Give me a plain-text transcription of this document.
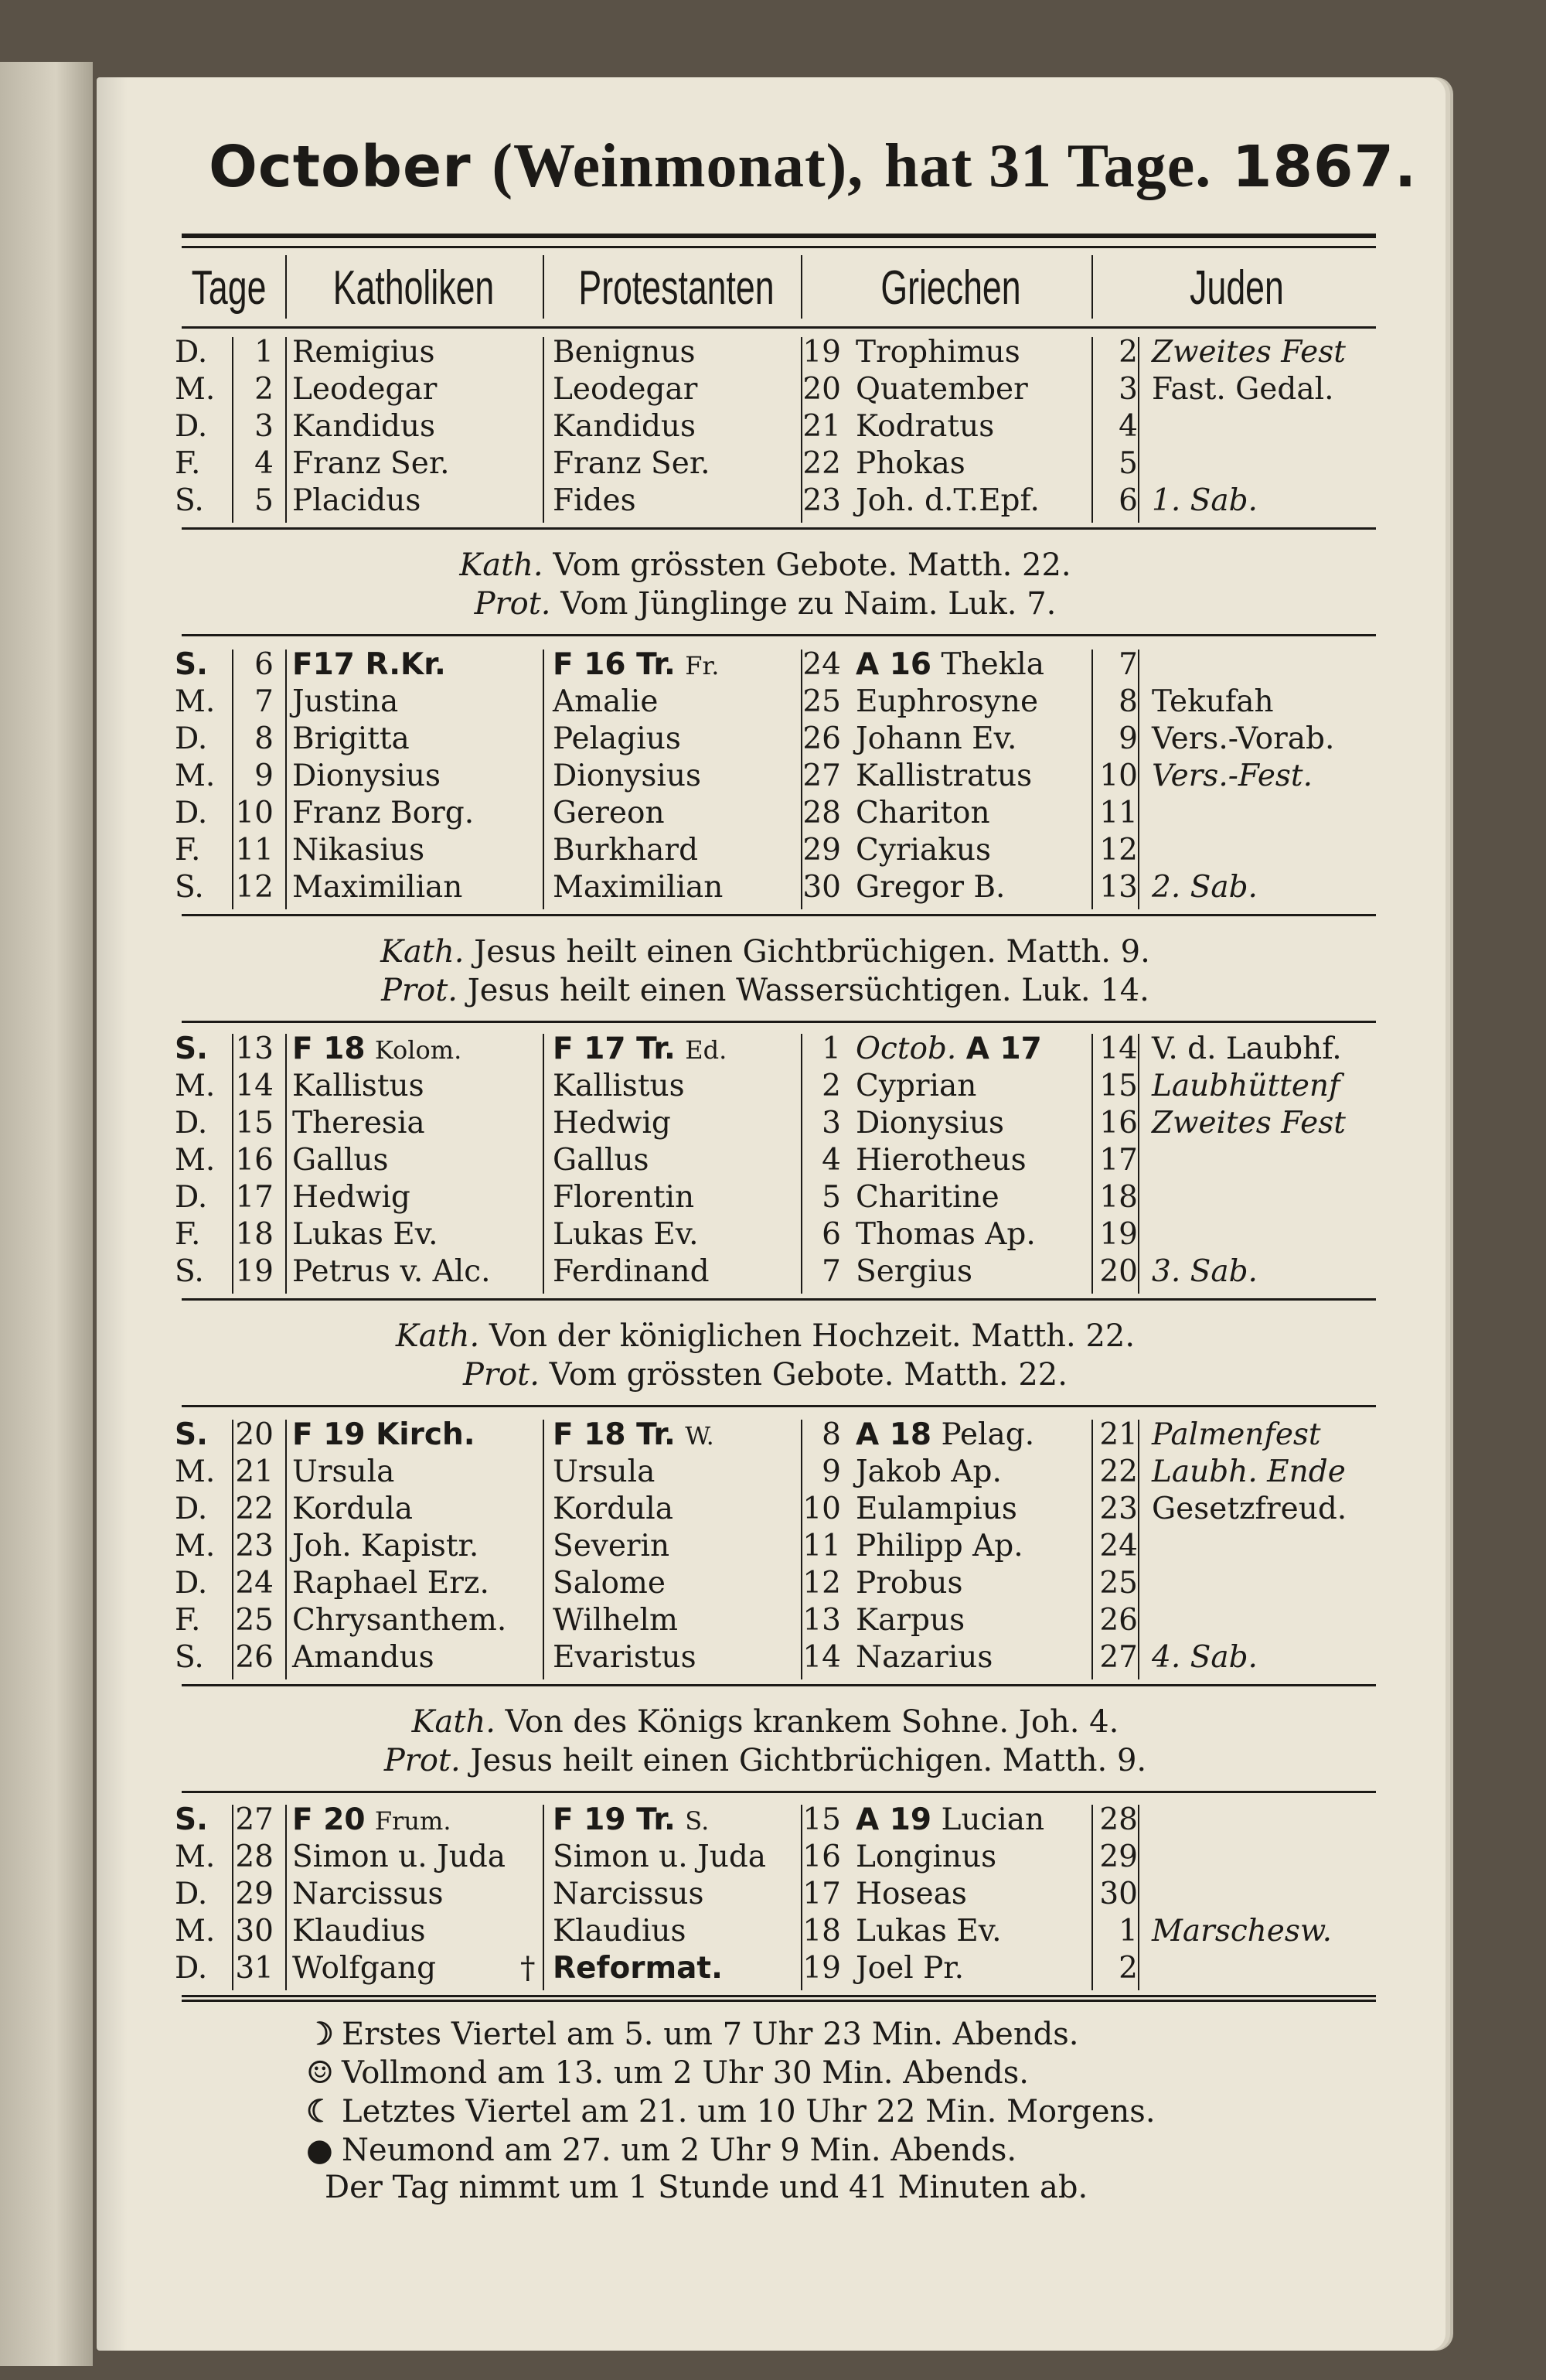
October (Weinmonat), hat 31 Tage. 1867.
Tage Katholiken Protestanten	Griechen	Juden
Der Tag nimmt um 1 Stunde und 41 Minuten ab.
D.	1 Remigius	Benignus	19 Trophimus	2 Zweites Fest
M.	2 Leodegar	Leodegar	20 Quatember	3 Fast. Gedal.
D.	3 Kandidus	Kandidus	21 Kodratus	4
F.	4 Franz Ser.	Franz Ser.	22 Phokas	5
S.	5 Placidus	Fides	23 Joh. d.T.Epf.	6 1. Sab.
Kath. Vom grössten Gebote. Matth. 22.
Prot. Vom Jünglinge zu Naim. Luk. 7.
S.	6 F17 R.Kr.	F 16 Tr. Fr.	24 A 16 Thekla	7
M.	7 Justina	Amalie	25 Euphrosyne	8 Tekufah
D.	8 Brigitta	Pelagius	26 Johann Ev.	9 Vers.-Vorab.
M.	9 Dionysius	Dionysius	27 Kallistratus	10 Vers.-Fest.
D. 10 Franz Borg.	Gereon	28 Chariton	11
F.	11 Nikasius	Burkhard	29 Cyriakus	12
S.	12 Maximilian	Maximilian	30 Gregor B.	13 2. Sab.
Kath. Jesus heilt einen Gichtbrüchigen. Matth. 9.
Prot. Jesus heilt einen Wassersüchtigen. Luk. 14.
S. 13 F 18 Kolom.	F 17 Tr. Ed.	1 Octob. A 17	14 V. d. Laubhf.
M. 14 Kallistus	Kallistus	2 Cyprian	15 Laubhüttenf
D. 15 Theresia	Hedwig	3 Dionysius	16 Zweites Fest
M. 16 Gallus	Gallus	4 Hierotheus	17
D. 17 Hedwig	Florentin	5 Charitine	18
F.	18 Lukas Ev.	Lukas Ev.	6 Thomas Ap.	19
S.	19 Petrus v. Alc.	Ferdinand	7 Sergius	20 3. Sab.
Kath. Von der königlichen Hochzeit. Matth. 22.
Prot. Vom grössten Gebote. Matth. 22.
S. 20 F 19 Kirch.	F 18 Tr. W.	8 A 18 Pelag.	21 Palmenfest
M. 21 Ursula	Ursula	9 Jakob Ap.	22 Laubh. Ende
D. 22 Kordula	Kordula	10 Eulampius	23 Gesetzfreud.
M. 23 Joh. Kapistr.	Severin	11 Philipp Ap.	24
D. 24 Raphael Erz.	Salome	12 Probus	25
F.	25 Chrysanthem.	Wilhelm	13 Karpus	26
S.	26 Amandus	Evaristus	14 Nazarius	27 4. Sab.
Kath. Von des Königs krankem Sohne. Joh. 4.
Prot. Jesus heilt einen Gichtbrüchigen. Matth. 9.
S. 27 F 20 Frum.	F 19 Tr. S.	15 A 19 Lucian	28
M. 28 Simon u. Juda	Simon u. Juda	16 Longinus	29
D. 29 Narcissus	Narcissus	17 Hoseas	30
M. 30 Klaudius	Klaudius	18 Lukas Ev.	1 Marschesw.
D. 31 Wolfgang	† Reformat.	19 Joel Pr.	2
☽ Erstes Viertel am 5. um 7 Uhr 23 Min. Abends.
☺ Vollmond am 13. um 2 Uhr 30 Min. Abends.
☾ Letztes Viertel am 21. um 10 Uhr 22 Min. Morgens.
● Neumond am 27. um 2 Uhr 9 Min. Abends.
